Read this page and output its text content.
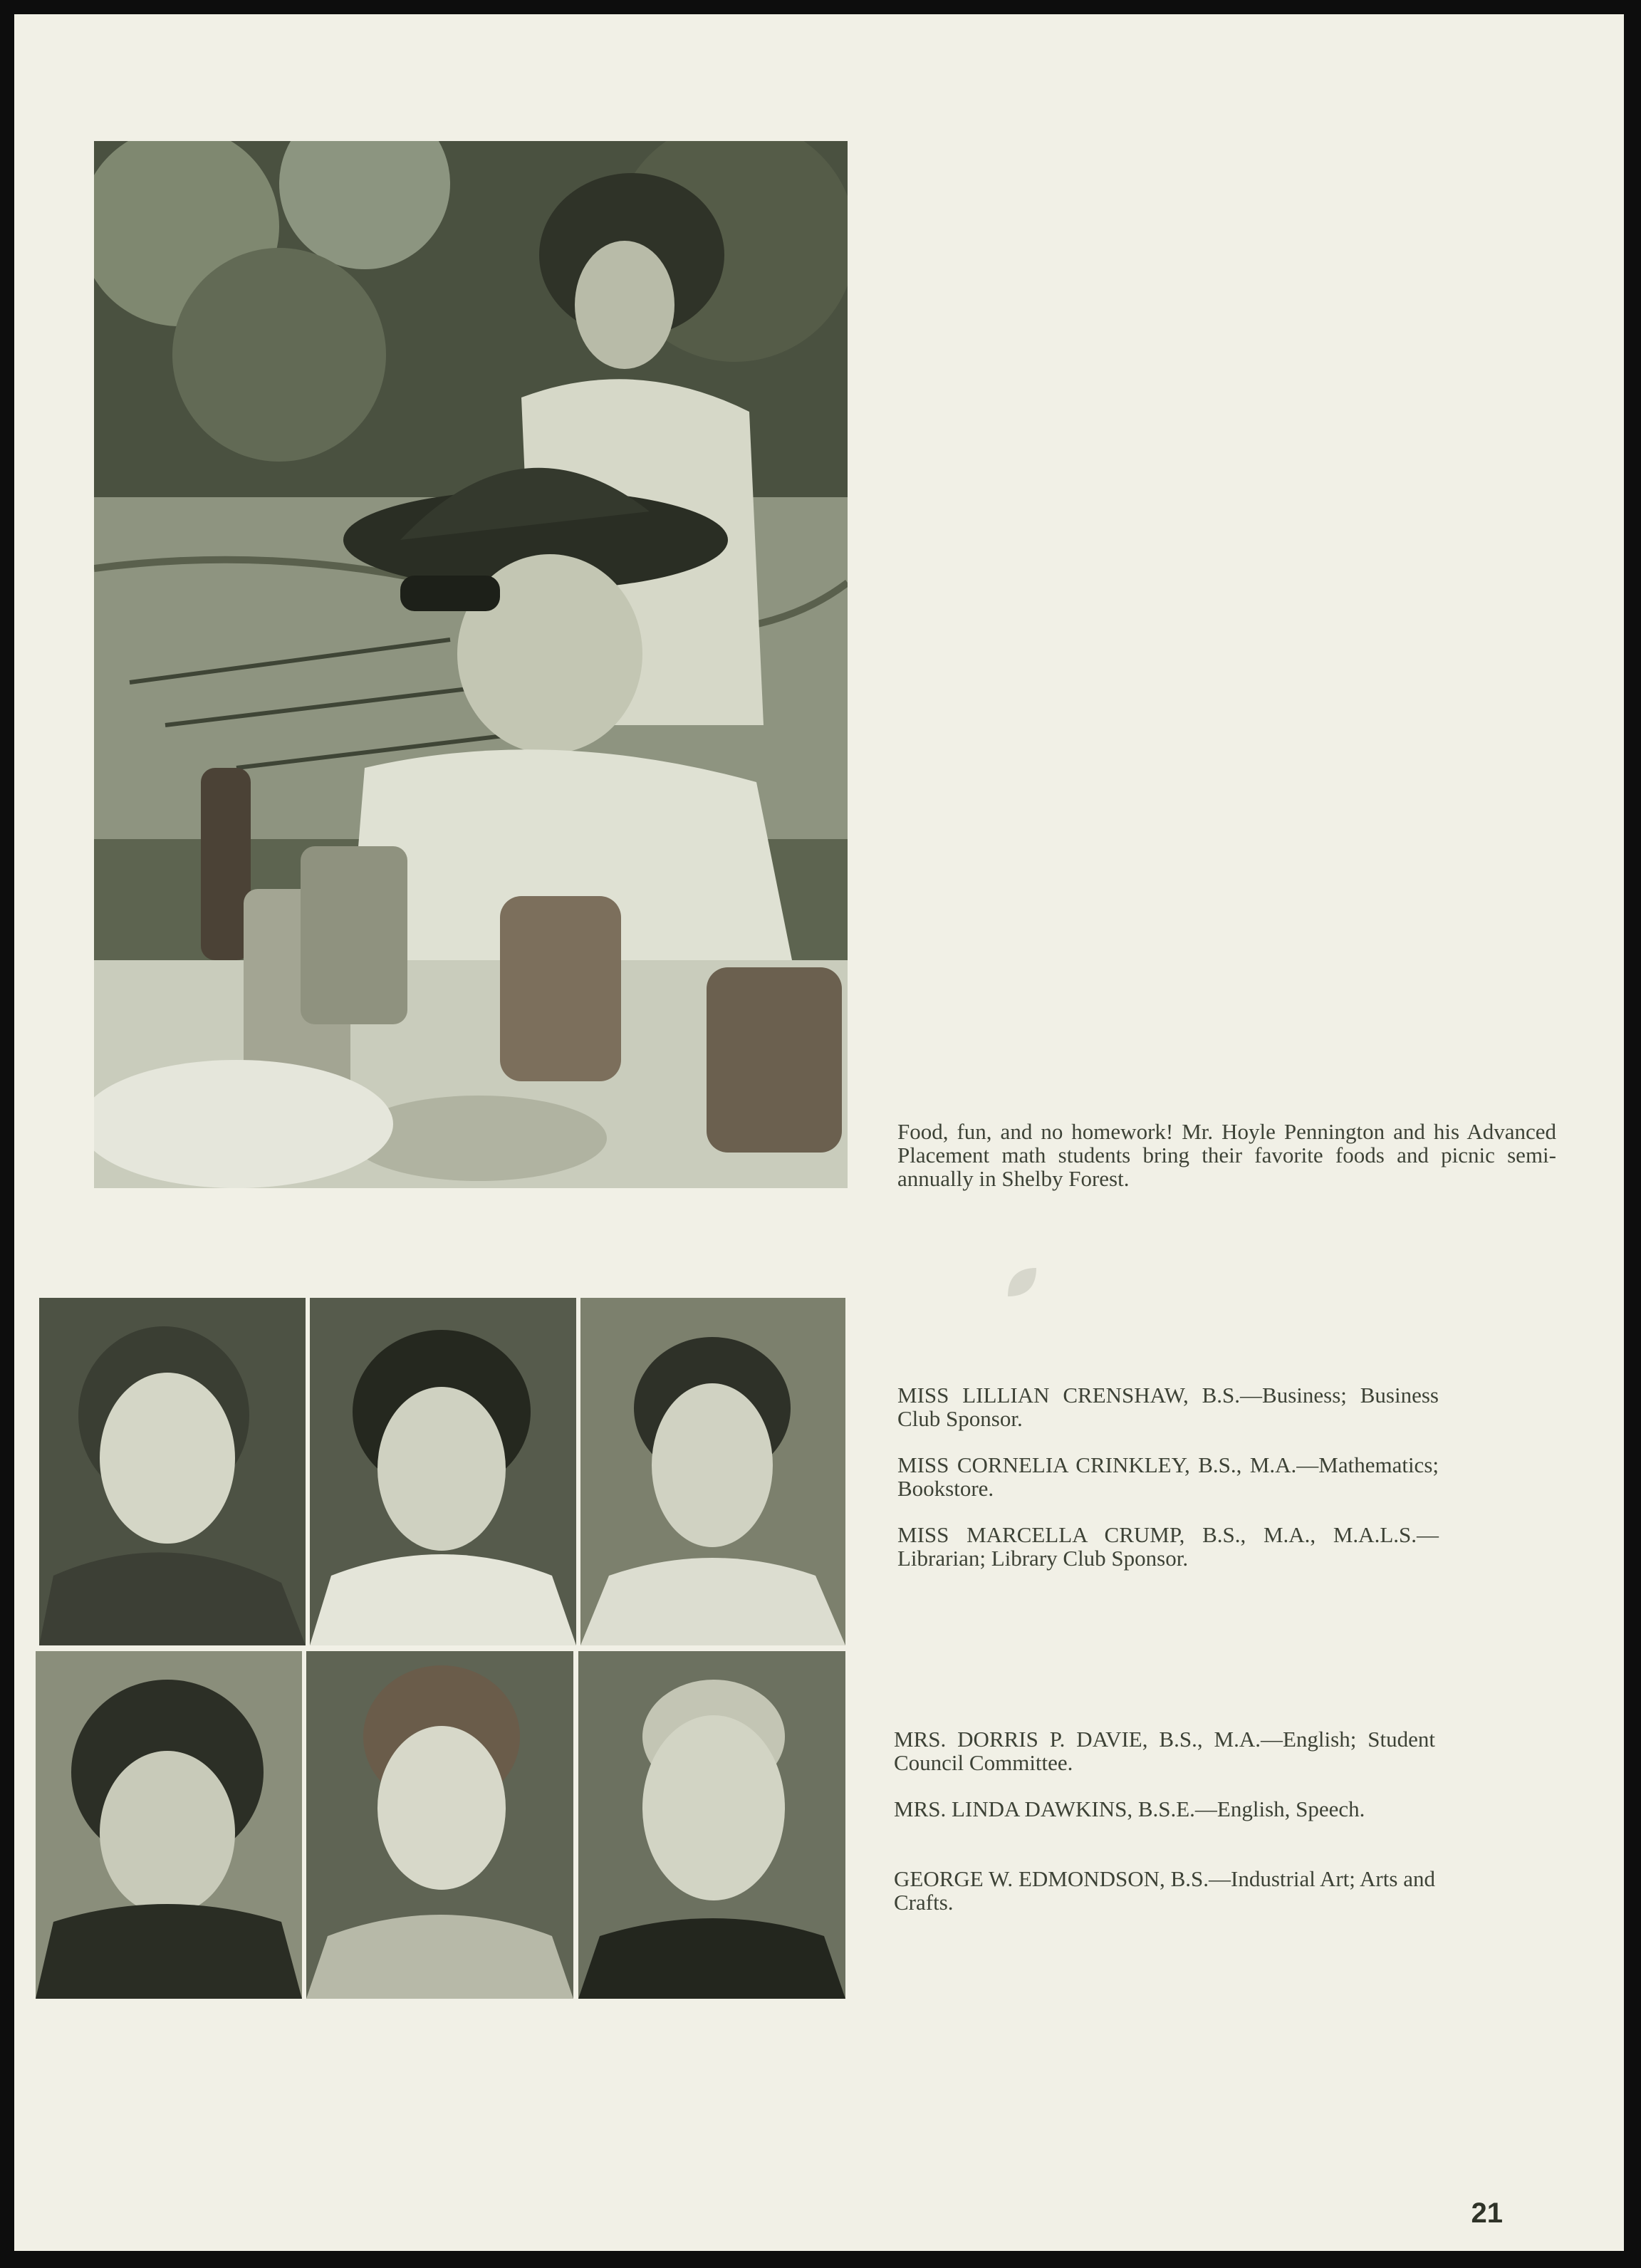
Food, fun, and no homework! Mr. Hoyle Pennington and his Advanced Placement math students bring their favorite foods and picnic semi-annually in Shelby Forest.

MISS LILLIAN CRENSHAW, B.S.—Business; Business Club Sponsor.

MISS CORNELIA CRINKLEY, B.S., M.A.—Mathematics; Bookstore.

MISS MARCELLA CRUMP, B.S., M.A., M.A.L.S.—Librarian; Library Club Sponsor.

MRS. DORRIS P. DAVIE, B.S., M.A.—English; Student Council Committee.

MRS. LINDA DAWKINS, B.S.E.—English, Speech.

GEORGE W. EDMONDSON, B.S.—Industrial Art; Arts and Crafts.

21
